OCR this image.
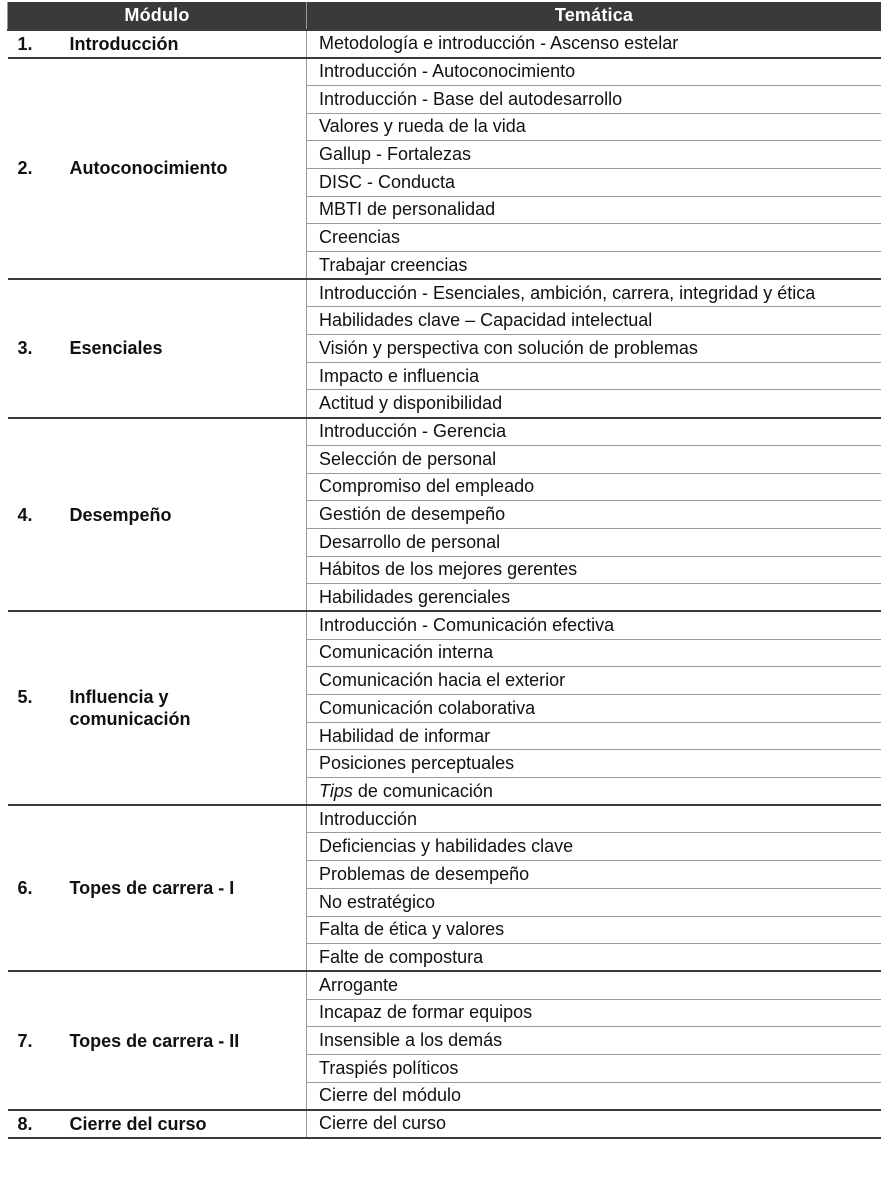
Módulo	Temática

1. Introducción	Metodología e introducción - Ascenso estelar

2. Autoconocimiento	Introducción - Autoconocimiento
	Introducción - Base del autodesarrollo
	Valores y rueda de la vida
	Gallup - Fortalezas
	DISC - Conducta
	MBTI de personalidad
	Creencias
	Trabajar creencias

3. Esenciales	Introducción - Esenciales, ambición, carrera, integridad y ética
	Habilidades clave – Capacidad intelectual
	Visión y perspectiva con solución de problemas
	Impacto e influencia
	Actitud y disponibilidad

4. Desempeño	Introducción - Gerencia
	Selección de personal
	Compromiso del empleado
	Gestión de desempeño
	Desarrollo de personal
	Hábitos de los mejores gerentes
	Habilidades gerenciales

5. Influencia y comunicación	Introducción - Comunicación efectiva
	Comunicación interna
	Comunicación hacia el exterior
	Comunicación colaborativa
	Habilidad de informar
	Posiciones perceptuales
	Tips de comunicación

6. Topes de carrera - I	Introducción
	Deficiencias y habilidades clave
	Problemas de desempeño
	No estratégico
	Falta de ética y valores
	Falte de compostura

7. Topes de carrera - II	Arrogante
	Incapaz de formar equipos
	Insensible a los demás
	Traspiés políticos
	Cierre del módulo

8. Cierre del curso	Cierre del curso
